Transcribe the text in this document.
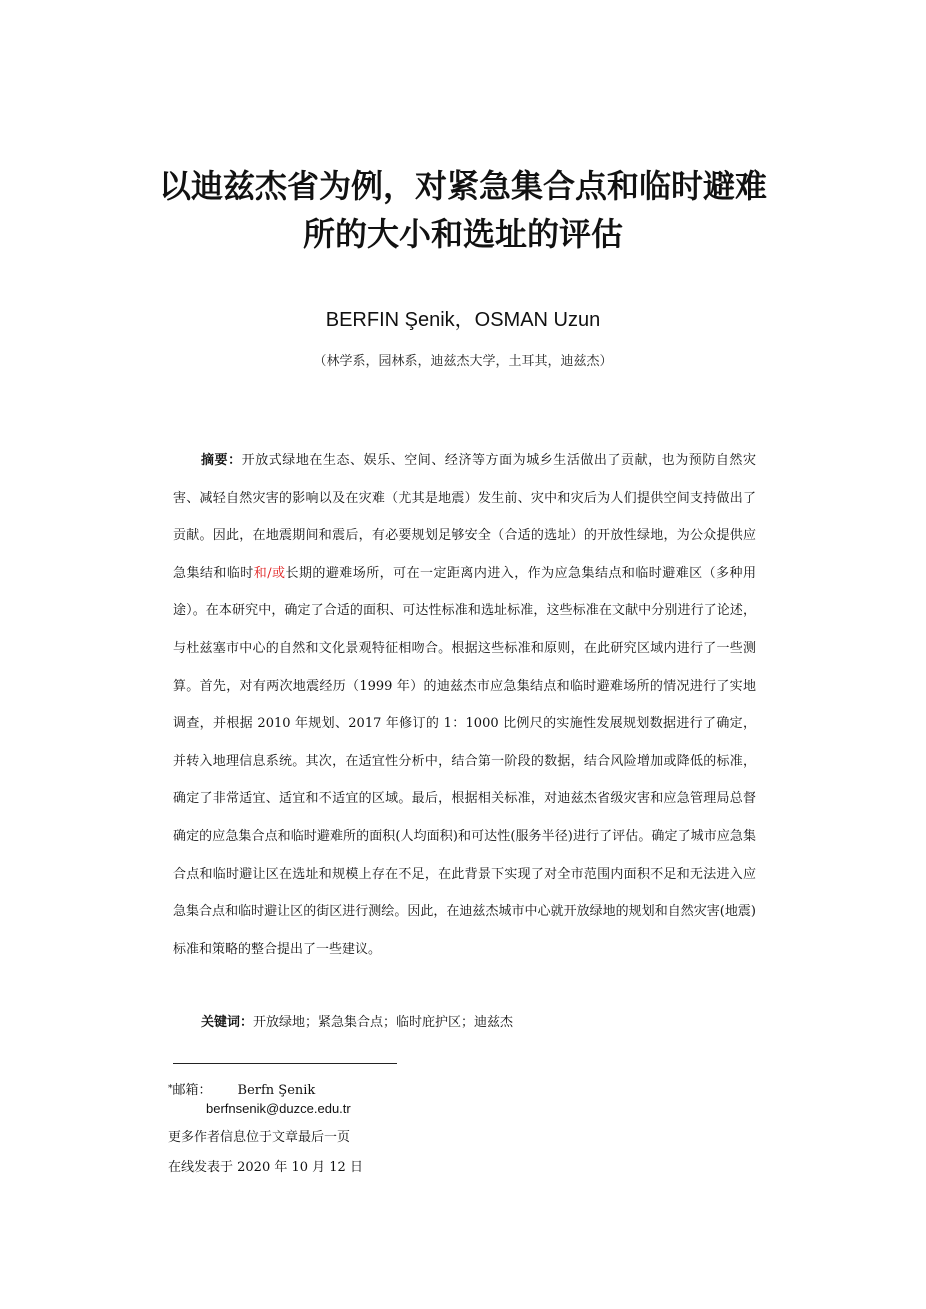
以迪兹杰省为例，对紧急集合点和临时避难
所的大小和选址的评估
BERFIN Şenik，OSMAN Uzun
（林学系，园林系，迪兹杰大学，土耳其，迪兹杰）

摘要：开放式绿地在生态、娱乐、空间、经济等方面为城乡生活做出了贡献，也为预防自然灾害、减轻自然灾害的影响以及在灾难（尤其是地震）发生前、灾中和灾后为人们提供空间支持做出了贡献。因此，在地震期间和震后，有必要规划足够安全（合适的选址）的开放性绿地，为公众提供应急集结和临时和/或长期的避难场所，可在一定距离内进入，作为应急集结点和临时避难区（多种用途）。在本研究中，确定了合适的面积、可达性标准和选址标准，这些标准在文献中分别进行了论述，与杜兹塞市中心的自然和文化景观特征相吻合。根据这些标准和原则，在此研究区域内进行了一些测算。首先，对有两次地震经历（1999 年）的迪兹杰市应急集结点和临时避难场所的情况进行了实地调查，并根据 2010 年规划、2017 年修订的 1：1000 比例尺的实施性发展规划数据进行了确定，并转入地理信息系统。其次，在适宜性分析中，结合第一阶段的数据，结合风险增加或降低的标准，确定了非常适宜、适宜和不适宜的区域。最后，根据相关标准，对迪兹杰省级灾害和应急管理局总督确定的应急集合点和临时避难所的面积(人均面积)和可达性(服务半径)进行了评估。确定了城市应急集合点和临时避让区在选址和规模上存在不足，在此背景下实现了对全市范围内面积不足和无法进入应急集合点和临时避让区的街区进行测绘。因此，在迪兹杰城市中心就开放绿地的规划和自然灾害(地震)标准和策略的整合提出了一些建议。

关键词：开放绿地；紧急集合点；临时庇护区；迪兹杰

*邮箱： Berfn Şenik
berfnsenik@duzce.edu.tr
更多作者信息位于文章最后一页
在线发表于 2020 年 10 月 12 日
